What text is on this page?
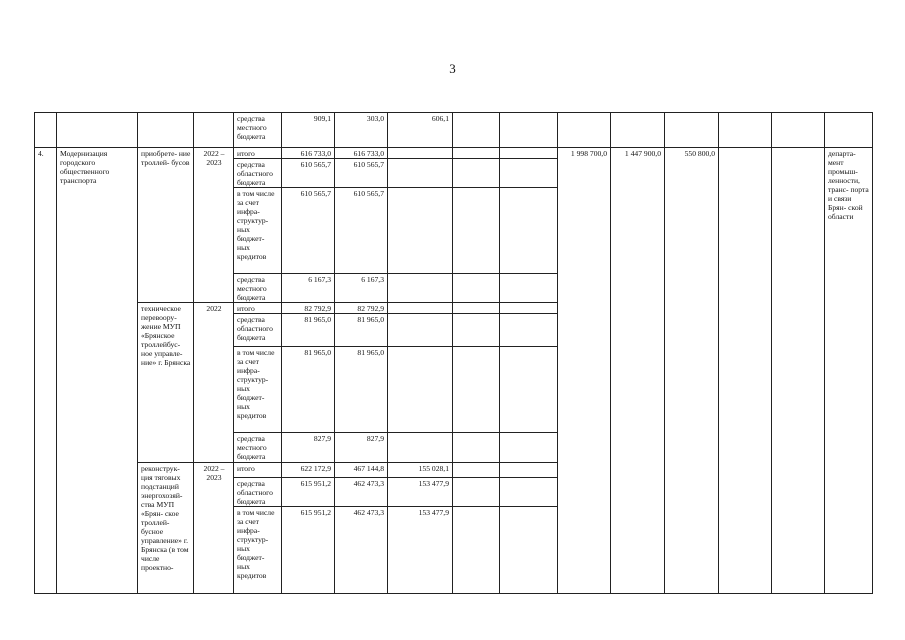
3
				средства местного бюджета	909,1	303,0	606,1								
4.	Модернизация городского общественного транспорта	приобрете- ние троллей- бусов	2022 – 2023	итого	616 733,0	616 733,0				1 998 700,0	1 447 900,0	550 800,0			департа- мент промыш- ленности, транс- порта и связи Брян- ской области
				средства областного бюджета	610 565,7	610 565,7									
				в том числе за счет инфра- структур- ных бюджет- ных кредитов	610 565,7	610 565,7									
				средства местного бюджета	6 167,3	6 167,3									
		техническое перевоору- жение МУП «Брянское троллейбус- ное управле- ние» г. Брянска	2022	итого	82 792,9	82 792,9									
				средства областного бюджета	81 965,0	81 965,0									
				в том числе за счет инфра- структур- ных бюджет- ных кредитов	81 965,0	81 965,0									
				средства местного бюджета	827,9	827,9									
		реконструк- ция тяговых подстанций энергохозяй- ства МУП «Брян- ское троллей- бусное управление» г. Брянска (в том числе проектно-	2022 – 2023	итого	622 172,9	467 144,8	155 028,1								
				средства областного бюджета	615 951,2	462 473,3	153 477,9								
				в том числе за счет инфра- структур- ных бюджет- ных кредитов	615 951,2	462 473,3	153 477,9								
